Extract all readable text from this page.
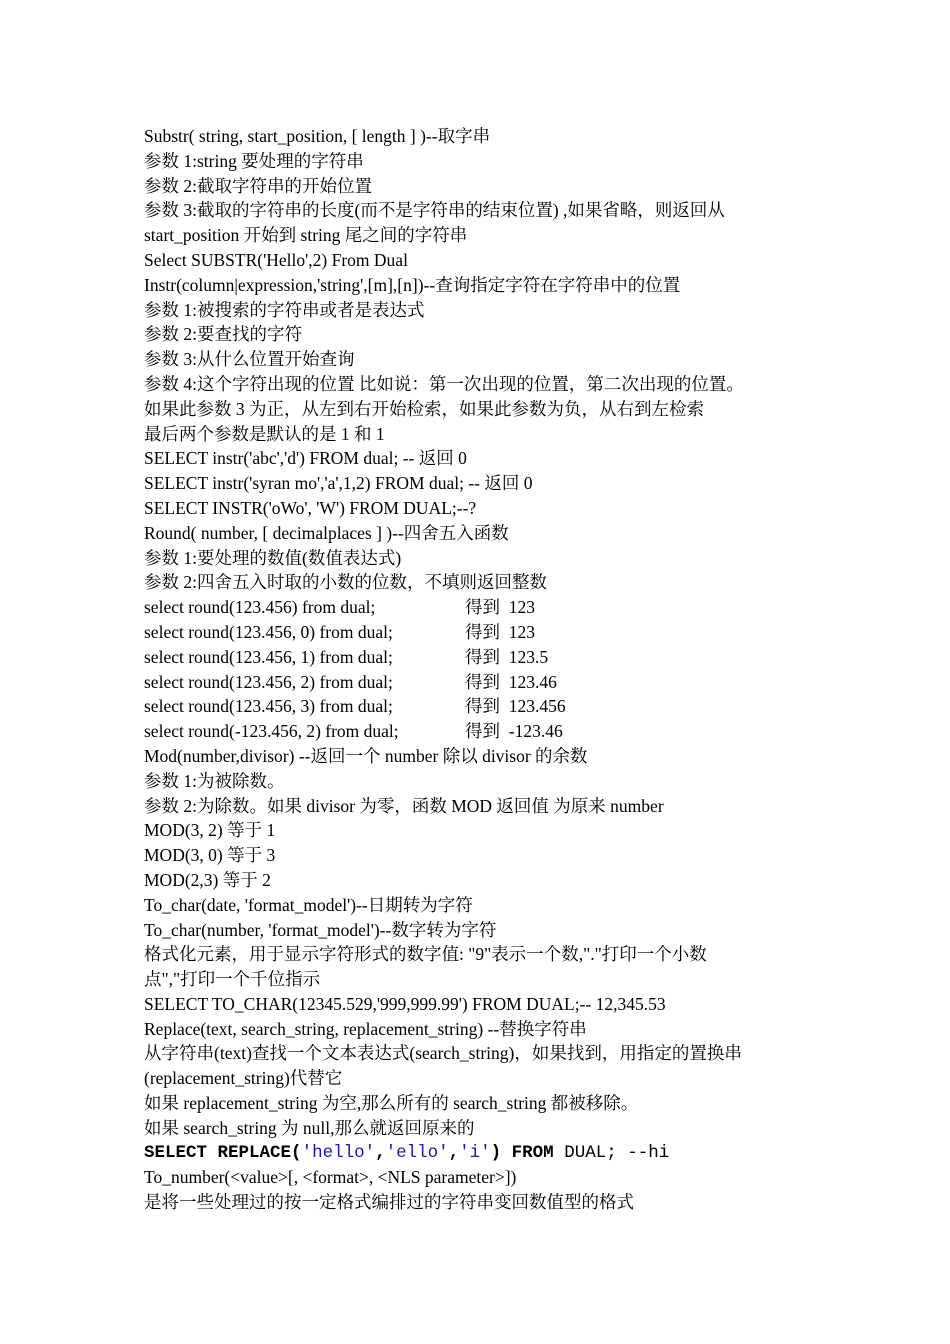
Substr( string, start_position, [ length ] )--取字串
参数 1:string 要处理的字符串
参数 2:截取字符串的开始位置
参数 3:截取的字符串的长度(而不是字符串的结束位置) ,如果省略，则返回从
start_position 开始到 string 尾之间的字符串
Select SUBSTR('Hello',2) From Dual
Instr(column|expression,'string',[m],[n])--查询指定字符在字符串中的位置
参数 1:被搜索的字符串或者是表达式
参数 2:要查找的字符
参数 3:从什么位置开始查询
参数 4:这个字符出现的位置 比如说：第一次出现的位置，第二次出现的位置。
如果此参数 3 为正，从左到右开始检索，如果此参数为负，从右到左检索
最后两个参数是默认的是 1 和 1
SELECT instr('abc','d') FROM dual; -- 返回 0
SELECT instr('syran mo','a',1,2) FROM dual; -- 返回 0
SELECT INSTR('oWo', 'W') FROM DUAL;--?
Round( number, [ decimalplaces ] )--四舍五入函数
参数 1:要处理的数值(数值表达式)
参数 2:四舍五入时取的小数的位数，不填则返回整数
select round(123.456) from dual;	得到  123
select round(123.456, 0) from dual;	得到  123
select round(123.456, 1) from dual;	得到  123.5
select round(123.456, 2) from dual;	得到  123.46
select round(123.456, 3) from dual;	得到  123.456
select round(-123.456, 2) from dual;	得到  -123.46
Mod(number,divisor) --返回一个 number 除以 divisor 的余数
参数 1:为被除数。
参数 2:为除数。如果 divisor 为零，函数 MOD 返回值 为原来 number
MOD(3, 2) 等于 1
MOD(3, 0) 等于 3
MOD(2,3) 等于 2
To_char(date, 'format_model')--日期转为字符
To_char(number, 'format_model')--数字转为字符
格式化元素，用于显示字符形式的数字值: "9"表示一个数,"."打印一个小数
点","打印一个千位指示
SELECT TO_CHAR(12345.529,'999,999.99') FROM DUAL;-- 12,345.53
Replace(text, search_string, replacement_string) --替换字符串
从字符串(text)查找一个文本表达式(search_string)，如果找到，用指定的置换串
(replacement_string)代替它
如果 replacement_string 为空,那么所有的 search_string 都被移除。
如果 search_string 为 null,那么就返回原来的
SELECT REPLACE('hello','ello','i') FROM DUAL; --hi
To_number(<value>[, <format>, <NLS parameter>])
是将一些处理过的按一定格式编排过的字符串变回数值型的格式
